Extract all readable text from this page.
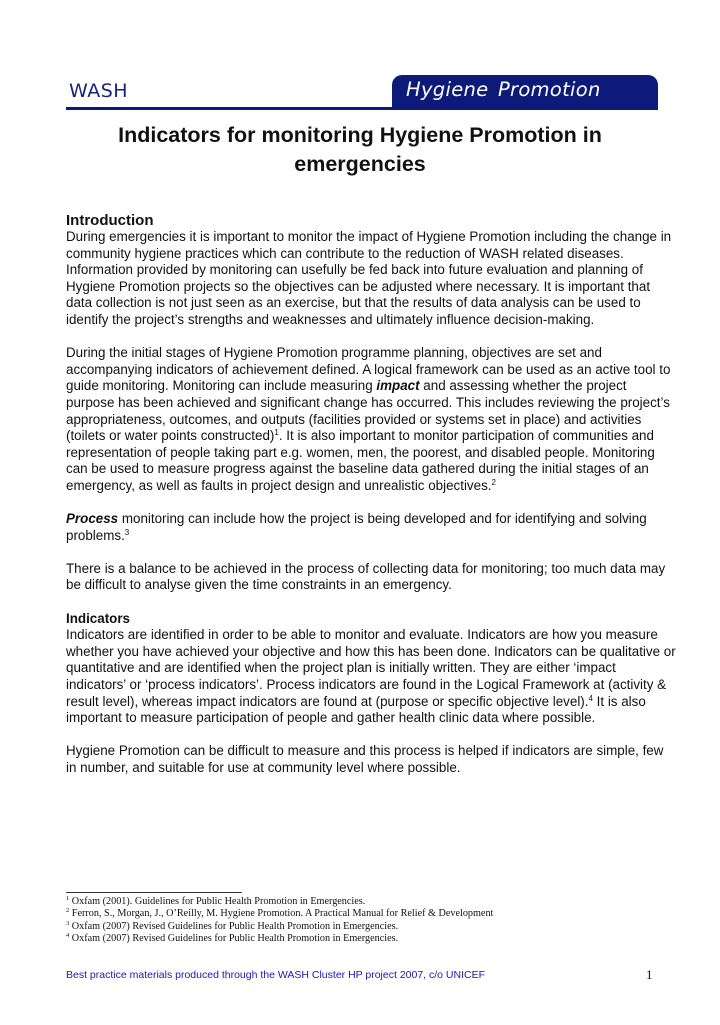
WASH	Hygiene Promotion
Indicators for monitoring Hygiene Promotion in emergencies
Introduction

During emergencies it is important to monitor the impact of Hygiene Promotion including the change in community hygiene practices which can contribute to the reduction of WASH related diseases. Information provided by monitoring can usefully be fed back into future evaluation and planning of Hygiene Promotion projects so the objectives can be adjusted where necessary. It is important that data collection is not just seen as an exercise, but that the results of data analysis can be used to identify the project’s strengths and weaknesses and ultimately influence decision-making.

During the initial stages of Hygiene Promotion programme planning, objectives are set and accompanying indicators of achievement defined. A logical framework can be used as an active tool to guide monitoring. Monitoring can include measuring impact and assessing whether the project purpose has been achieved and significant change has occurred. This includes reviewing the project’s appropriateness, outcomes, and outputs (facilities provided or systems set in place) and activities (toilets or water points constructed)$^1$. It is also important to monitor participation of communities and representation of people taking part e.g. women, men, the poorest, and disabled people. Monitoring can be used to measure progress against the baseline data gathered during the initial stages of an emergency, as well as faults in project design and unrealistic objectives.$^2$

Process monitoring can include how the project is being developed and for identifying and solving problems.$^3$

There is a balance to be achieved in the process of collecting data for monitoring; too much data may be difficult to analyse given the time constraints in an emergency.

Indicators

Indicators are identified in order to be able to monitor and evaluate. Indicators are how you measure whether you have achieved your objective and how this has been done. Indicators can be qualitative or quantitative and are identified when the project plan is initially written. They are either ‘impact indicators’ or ‘process indicators’. Process indicators are found in the Logical Framework at (activity & result level), whereas impact indicators are found at (purpose or specific objective level).$^4$ It is also important to measure participation of people and gather health clinic data where possible.

Hygiene Promotion can be difficult to measure and this process is helped if indicators are simple, few in number, and suitable for use at community level where possible.

$^1$ Oxfam (2001). Guidelines for Public Health Promotion in Emergencies.
$^2$ Ferron, S., Morgan, J., O’Reilly, M. Hygiene Promotion. A Practical Manual for Relief & Development
$^3$ Oxfam (2007) Revised Guidelines for Public Health Promotion in Emergencies.
$^4$ Oxfam (2007) Revised Guidelines for Public Health Promotion in Emergencies.
Best practice materials produced through the WASH Cluster HP project 2007, c/o UNICEF	1
